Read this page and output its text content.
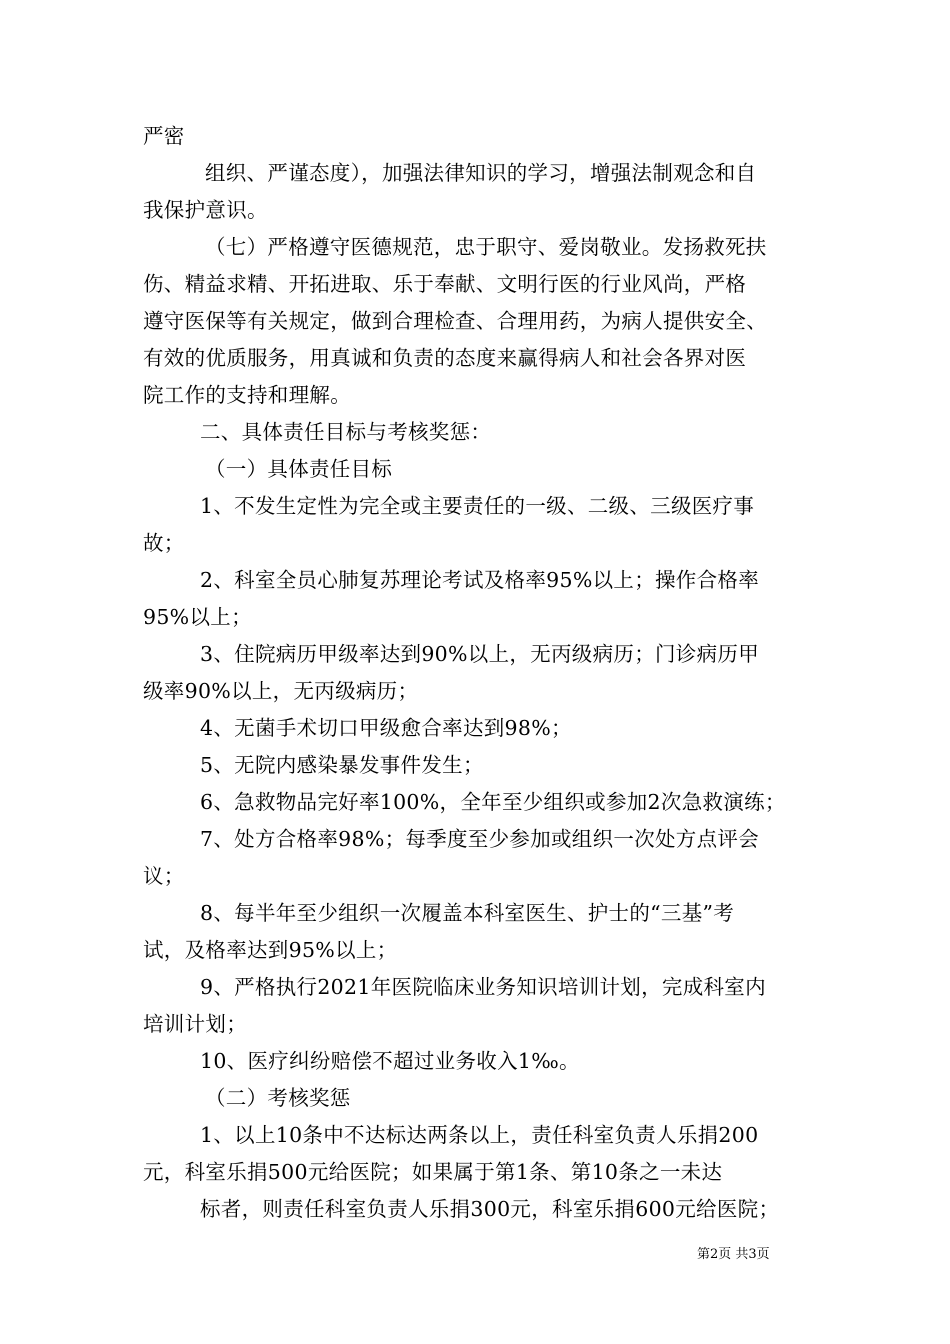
严密
组织、严谨态度），加强法律知识的学习，增强法制观念和自
我保护意识。
（七）严格遵守医德规范，忠于职守、爱岗敬业。发扬救死扶
伤、精益求精、开拓进取、乐于奉献、文明行医的行业风尚，严格
遵守医保等有关规定，做到合理检查、合理用药，为病人提供安全、
有效的优质服务，用真诚和负责的态度来赢得病人和社会各界对医
院工作的支持和理解。
二、具体责任目标与考核奖惩：
（一）具体责任目标
1、不发生定性为完全或主要责任的一级、二级、三级医疗事
故；
2、科室全员心肺复苏理论考试及格率95%以上；操作合格率
95%以上；
3、住院病历甲级率达到90%以上，无丙级病历；门诊病历甲
级率90%以上，无丙级病历；
4、无菌手术切口甲级愈合率达到98%；
5、无院内感染暴发事件发生；
6、急救物品完好率100%，全年至少组织或参加2次急救演练；
7、处方合格率98%；每季度至少参加或组织一次处方点评会
议；
8、每半年至少组织一次履盖本科室医生、护士的“三基”考
试，及格率达到95%以上；
9、严格执行2021年医院临床业务知识培训计划，完成科室内
培训计划；
10、医疗纠纷赔偿不超过业务收入1‰。
（二）考核奖惩
1、以上10条中不达标达两条以上，责任科室负责人乐捐200
元，科室乐捐500元给医院；如果属于第1条、第10条之一未达
标者，则责任科室负责人乐捐300元，科室乐捐600元给医院；
第2页 共3页
